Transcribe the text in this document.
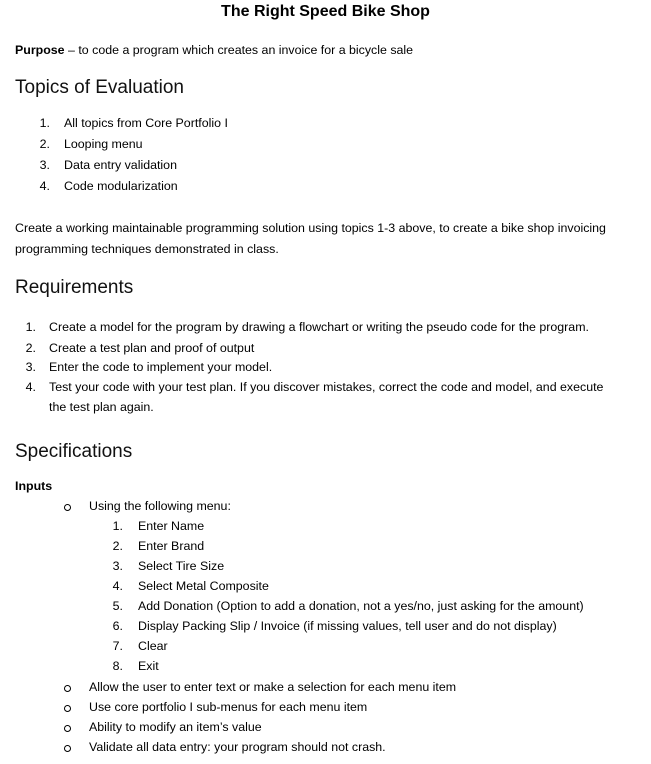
The Right Speed Bike Shop
Purpose – to code a program which creates an invoice for a bicycle sale
Topics of Evaluation
1. All topics from Core Portfolio I
2. Looping menu
3. Data entry validation
4. Code modularization
Create a working maintainable programming solution using topics 1-3 above, to create a bike shop invoicing programming techniques demonstrated in class.
Requirements
1. Create a model for the program by drawing a flowchart or writing the pseudo code for the program.
2. Create a test plan and proof of output
3. Enter the code to implement your model.
4. Test your code with your test plan. If you discover mistakes, correct the code and model, and execute
the test plan again.
Specifications
Inputs
Using the following menu:
1. Enter Name
2. Enter Brand
3. Select Tire Size
4. Select Metal Composite
5. Add Donation (Option to add a donation, not a yes/no, just asking for the amount)
6. Display Packing Slip / Invoice (if missing values, tell user and do not display)
7. Clear
8. Exit
Allow the user to enter text or make a selection for each menu item
Use core portfolio I sub-menus for each menu item
Ability to modify an item’s value
Validate all data entry: your program should not crash.
